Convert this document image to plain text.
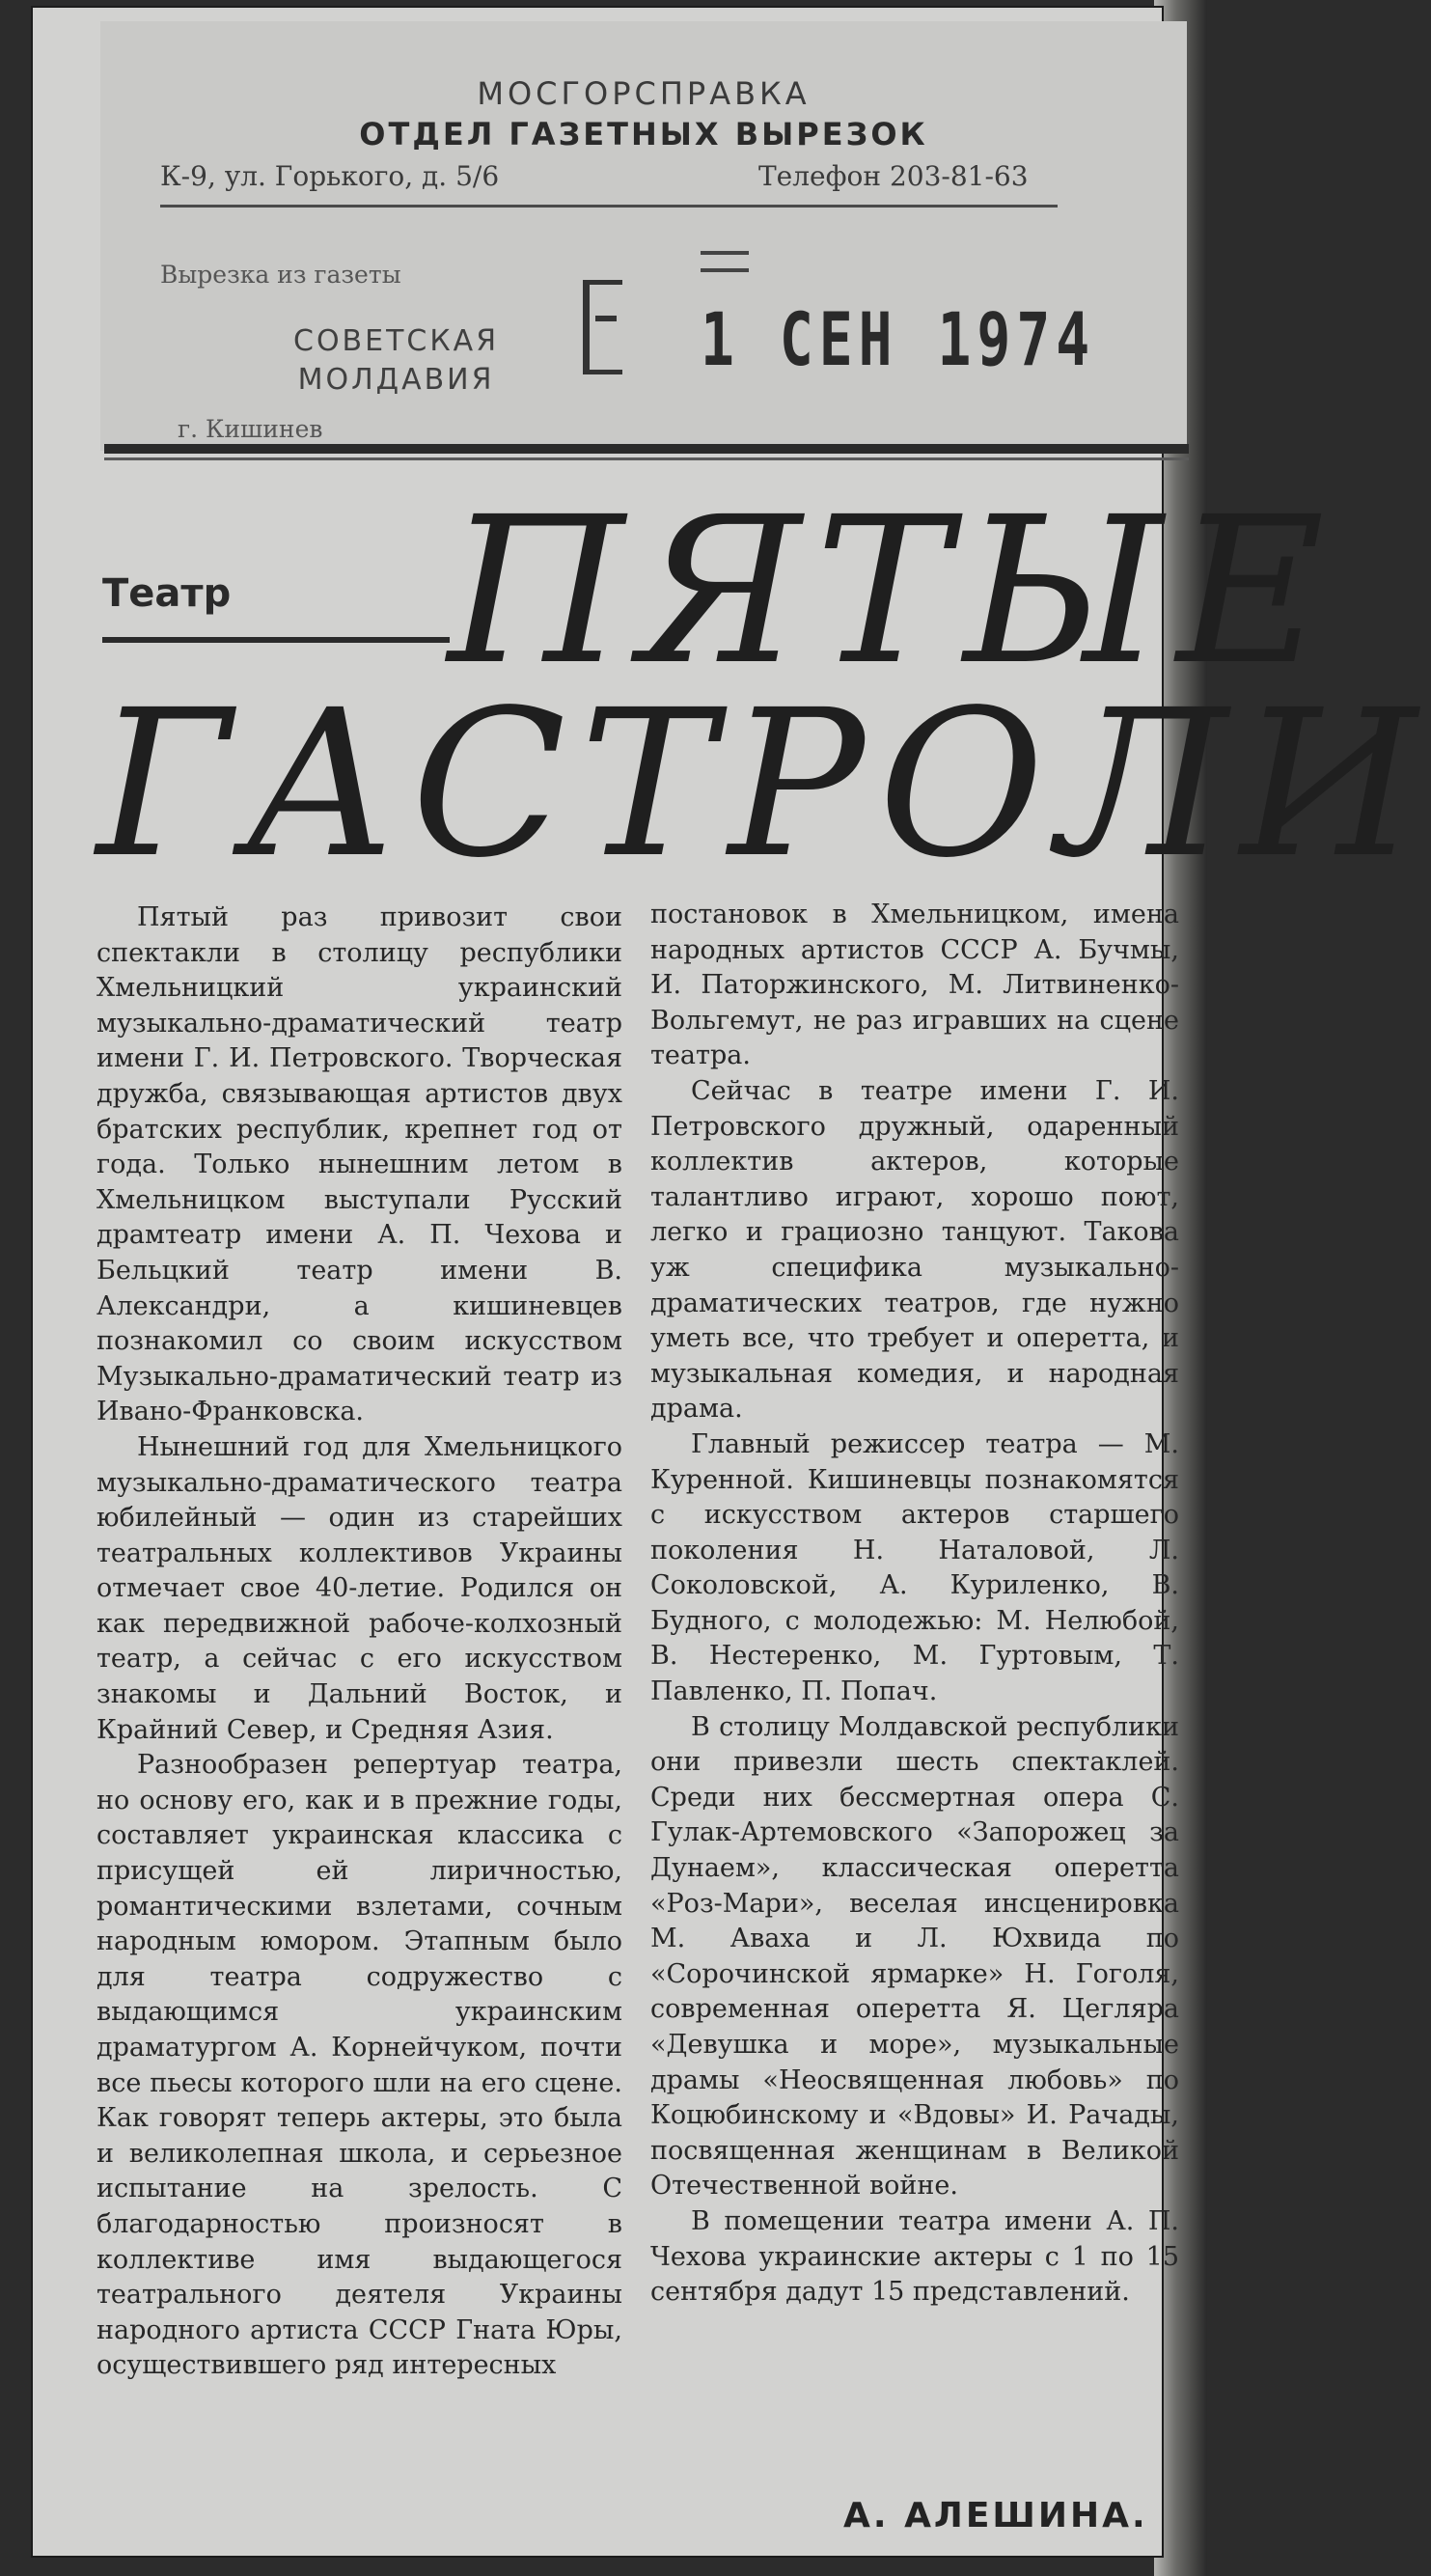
МОСГОРСПРАВКА
ОТДЕЛ ГАЗЕТНЫХ ВЫРЕЗОК
К-9, ул. Горького, д. 5/6	Телефон 203-81-63
Вырезка из газеты
СОВЕТСКАЯ
МОЛДАВИЯ
г. Кишинев
1 СЕН 1974
Театр ПЯТЫЕ
ГАСТРОЛИ

Пятый раз привозит свои спектакли в столицу республики Хмельницкий украинский музыкально-драматический театр имени Г. И. Петровского. Творческая дружба, связывающая артистов двух братских республик, крепнет год от года. Только нынешним летом в Хмельницком выступали Русский драмтеатр имени А. П. Чехова и Бельцкий театр имени В. Александри, а кишиневцев познакомил со своим искусством Музыкально-драматический театр из Ивано-Франковска.

Нынешний год для Хмельницкого музыкально-драматического театра юбилейный — один из старейших театральных коллективов Украины отмечает свое 40-летие. Родился он как передвижной рабоче-колхозный театр, а сейчас с его искусством знакомы и Дальний Восток, и Крайний Север, и Средняя Азия.

Разнообразен репертуар театра, но основу его, как и в прежние годы, составляет украинская классика с присущей ей лиричностью, романтическими взлетами, сочным народным юмором. Этапным было для театра содружество с выдающимся украинским драматургом А. Корнейчуком, почти все пьесы которого шли на его сцене. Как говорят теперь актеры, это была и великолепная школа, и серьезное испытание на зрелость. С благодарностью произносят в коллективе имя выдающегося театрального деятеля Украины народного артиста СССР Гната Юры, осуществившего ряд интересных

постановок в Хмельницком, имена народных артистов СССР А. Бучмы, И. Паторжинского, М. Литвиненко-Вольгемут, не раз игравших на сцене театра.

Сейчас в театре имени Г. И. Петровского дружный, одаренный коллектив актеров, которые талантливо играют, хорошо поют, легко и грациозно танцуют. Такова уж специфика музыкально-драматических театров, где нужно уметь все, что требует и оперетта, и музыкальная комедия, и народная драма.

Главный режиссер театра — М. Куренной. Кишиневцы познакомятся с искусством актеров старшего поколения Н. Наталовой, Л. Соколовской, А. Куриленко, В. Будного, с молодежью: М. Нелюбой, В. Нестеренко, М. Гуртовым, Т. Павленко, П. Попач.

В столицу Молдавской республики они привезли шесть спектаклей. Среди них бессмертная опера С. Гулак-Артемовского «Запорожец за Дунаем», классическая оперетта «Роз-Мари», веселая инсценировка М. Аваха и Л. Юхвида по «Сорочинской ярмарке» Н. Гоголя, современная оперетта Я. Цегляра «Девушка и море», музыкальные драмы «Неосвященная любовь» по Коцюбинскому и «Вдовы» И. Рачады, посвященная женщинам в Великой Отечественной войне.

В помещении театра имени А. П. Чехова украинские актеры с 1 по 15 сентября дадут 15 представлений.

А. АЛЕШИНА.
